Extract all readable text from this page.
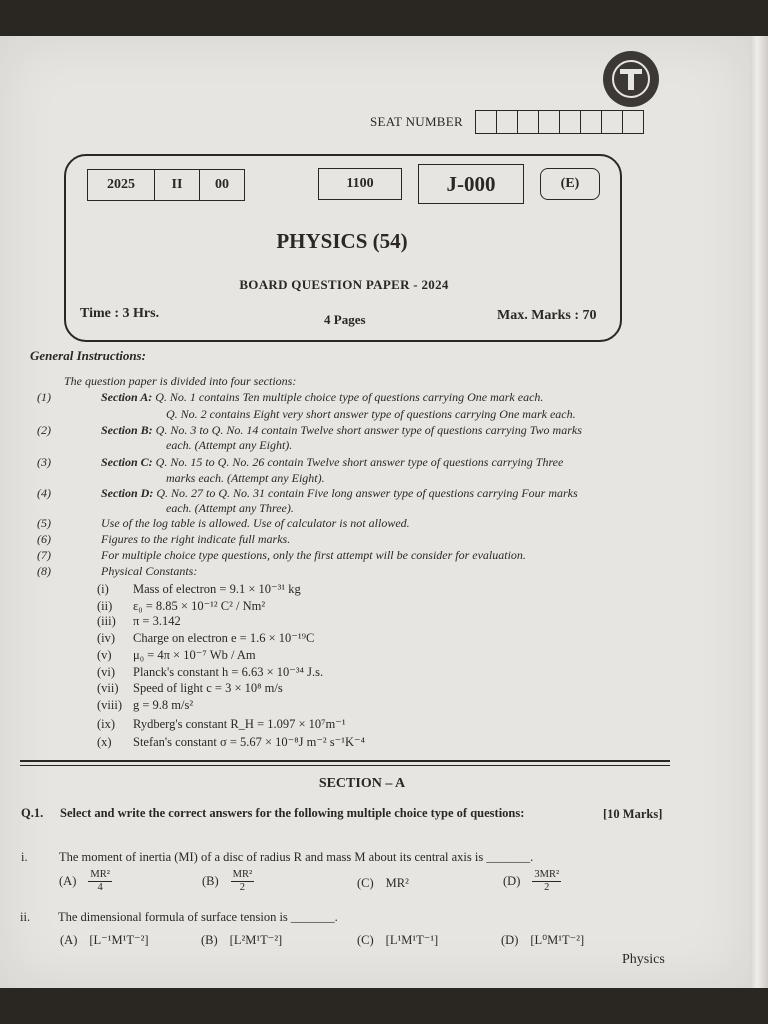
SEAT NUMBER
2025	II	00	1100	J-000	(E)
PHYSICS (54)
BOARD QUESTION PAPER - 2024
Time : 3 Hrs.	4 Pages	Max. Marks : 70
General Instructions:
The question paper is divided into four sections:
(1)	Section A: Q. No. 1 contains Ten multiple choice type of questions carrying One mark each.
Q. No. 2 contains Eight very short answer type of questions carrying One mark each.
(2)	Section B: Q. No. 3 to Q. No. 14 contain Twelve short answer type of questions carrying Two marks
each. (Attempt any Eight).
(3)	Section C: Q. No. 15 to Q. No. 26 contain Twelve short answer type of questions carrying Three
marks each. (Attempt any Eight).
(4)	Section D: Q. No. 27 to Q. No. 31 contain Five long answer type of questions carrying Four marks
each. (Attempt any Three).
(5)	Use of the log table is allowed. Use of calculator is not allowed.
(6)	Figures to the right indicate full marks.
(7)	For multiple choice type questions, only the first attempt will be consider for evaluation.
(8)	Physical Constants:
(i) Mass of electron = 9.1 × 10⁻³¹ kg
(ii) ε₀ = 8.85 × 10⁻¹² C² / Nm²
(iii) π = 3.142
(iv) Charge on electron e = 1.6 × 10⁻¹⁹C
(v) μ₀ = 4π × 10⁻⁷ Wb / Am
(vi) Planck's constant h = 6.63 × 10⁻³⁴ J.s.
(vii) Speed of light c = 3 × 10⁸ m/s
(viii) g = 9.8 m/s²
(ix) Rydberg's constant R_H = 1.097 × 10⁷m⁻¹
(x) Stefan's constant σ = 5.67 × 10⁻⁸J m⁻² s⁻¹K⁻⁴
SECTION – A
Q.1. Select and write the correct answers for the following multiple choice type of questions:	[10 Marks]
i.	The moment of inertia (MI) of a disc of radius R and mass M about its central axis is _______.
$(A) \frac{\text{MR²}}{4}$	$(B) \frac{\text{MR²}}{2}$	(C) MR²	$(D) \frac{\text{3MR²}}{2}$
ii. The dimensional formula of surface tension is _______.
(A) [L⁻¹M¹T⁻²]	(B) [L²M¹T⁻²]	(C) [L¹M¹T⁻¹]	(D) [L⁰M¹T⁻²]
Physics
